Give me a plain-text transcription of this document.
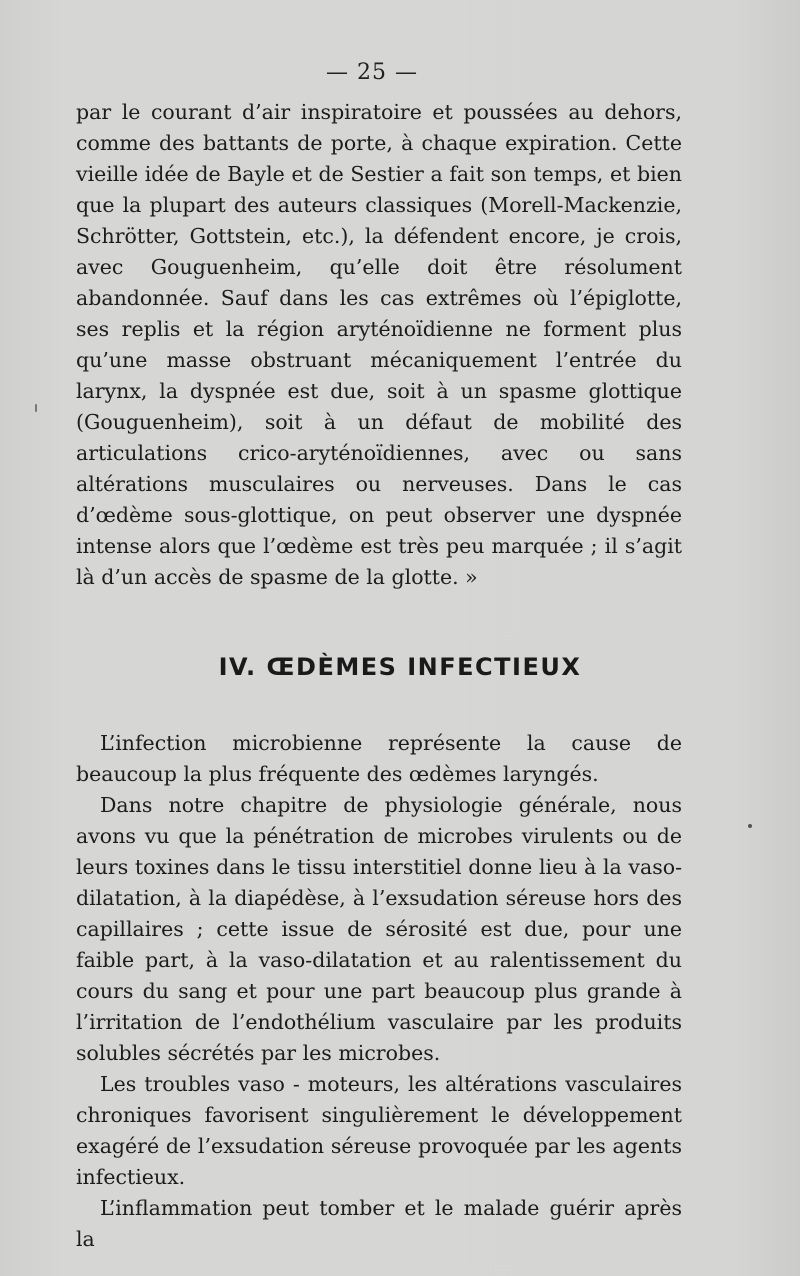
— 25 —

par le courant d’air inspiratoire et poussées au dehors, comme des battants de porte, à chaque expiration. Cette vieille idée de Bayle et de Sestier a fait son temps, et bien que la plupart des auteurs classiques (Morell-Mackenzie, Schrötter, Gottstein, etc.), la défendent encore, je crois, avec Gouguenheim, qu’elle doit être résolument abandonnée. Sauf dans les cas extrêmes où l’épiglotte, ses replis et la région aryténoïdienne ne forment plus qu’une masse obstruant mécaniquement l’entrée du larynx, la dyspnée est due, soit à un spasme glottique (Gouguenheim), soit à un défaut de mobilité des articulations crico-aryténoïdiennes, avec ou sans altérations musculaires ou nerveuses. Dans le cas d’œdème sous-glottique, on peut observer une dyspnée intense alors que l’œdème est très peu marquée ; il s’agit là d’un accès de spasme de la glotte. »

IV. ŒDÈMES INFECTIEUX

L’infection microbienne représente la cause de beaucoup la plus fréquente des œdèmes laryngés.

Dans notre chapitre de physiologie générale, nous avons vu que la pénétration de microbes virulents ou de leurs toxines dans le tissu interstitiel donne lieu à la vaso-dilatation, à la diapédèse, à l’exsudation séreuse hors des capillaires ; cette issue de sérosité est due, pour une faible part, à la vaso-dilatation et au ralentissement du cours du sang et pour une part beaucoup plus grande à l’irritation de l’endothélium vasculaire par les produits solubles sécrétés par les microbes.

Les troubles vaso - moteurs, les altérations vasculaires chroniques favorisent singulièrement le développement exagéré de l’exsudation séreuse provoquée par les agents infectieux.

L’inflammation peut tomber et le malade guérir après la
